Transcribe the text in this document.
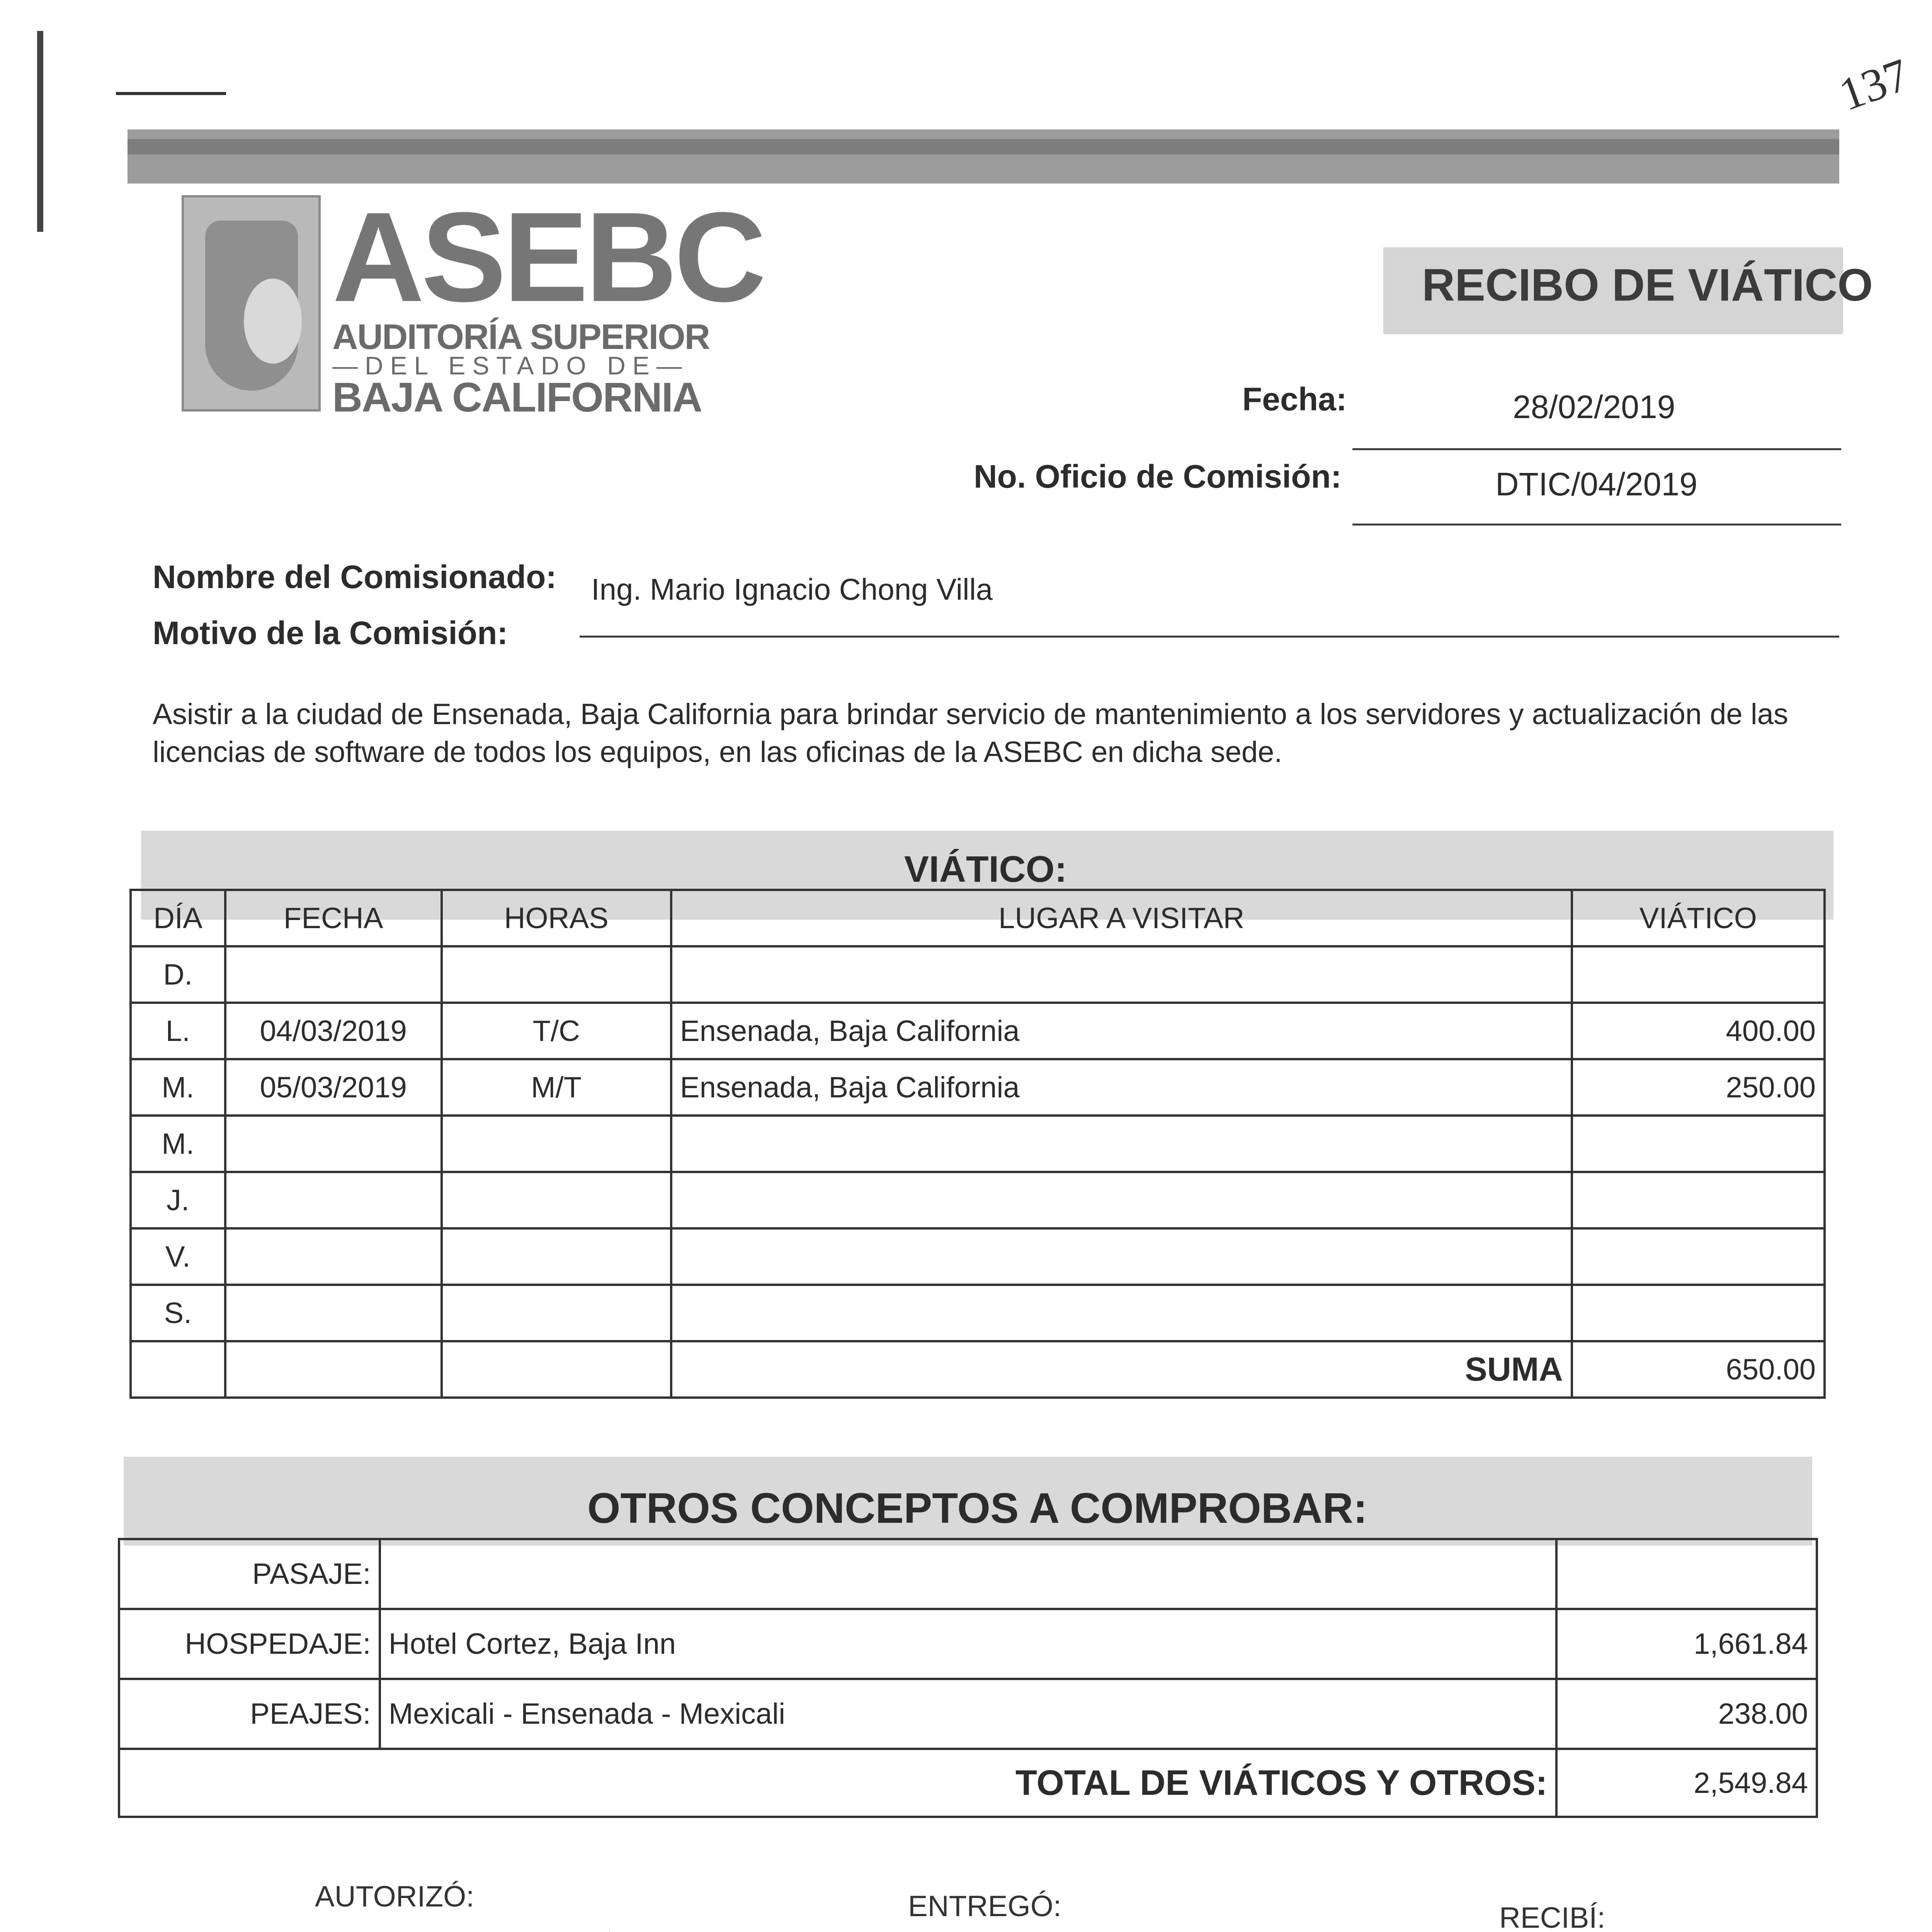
137
ASEBC
AUDITORÍA SUPERIOR
—DEL ESTADO DE—
BAJA CALIFORNIA
RECIBO DE VIÁTICO
Fecha:	28/02/2019
No. Oficio de Comisión:	DTIC/04/2019
Nombre del Comisionado: Ing. Mario Ignacio Chong Villa
Motivo de la Comisión:
Asistir a la ciudad de Ensenada, Baja California para brindar servicio de mantenimiento a los servidores y actualización de las licencias de software de todos los equipos, en las oficinas de la ASEBC en dicha sede.
VIÁTICO:
DÍA	FECHA	HORAS	LUGAR A VISITAR	VIÁTICO
D.				
L.	04/03/2019	T/C	Ensenada, Baja California	400.00
M.	05/03/2019	M/T	Ensenada, Baja California	250.00
M.				
J.				
V.				
S.				
			SUMA	650.00
OTROS CONCEPTOS A COMPROBAR:
PASAJE:		
HOSPEDAJE:	Hotel Cortez, Baja Inn	1,661.84
PEAJES:	Mexicali - Ensenada - Mexicali	238.00
TOTAL DE VIÁTICOS Y OTROS:		2,549.84
AUTORIZÓ:	ENTREGÓ:	RECIBÍ:
